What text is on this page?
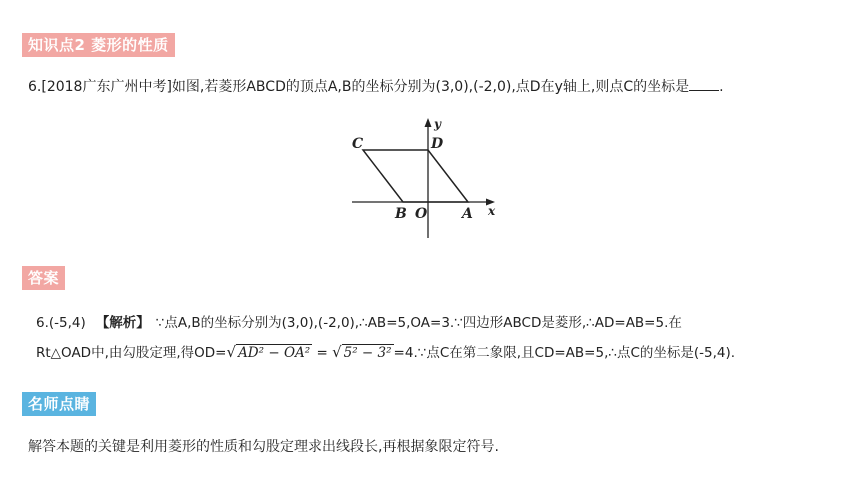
知识点2 菱形的性质
6.[2018广东广州中考]如图,若菱形ABCD的顶点A,B的坐标分别为(3,0),(-2,0),点D在y轴上,则点C的坐标是 .
C	D
y
B O A x
答案
6.(-5,4) 【解析】 ∵点A,B的坐标分别为(3,0),(-2,0),∴AB=5,OA=3.∵四边形ABCD是菱形,∴AD=AB=5.在
Rt△OAD中,由勾股定理,得OD=√ AD² − OA² = √ 5² − 3² =4.∵点C在第二象限,且CD=AB=5,∴点C的坐标是(-5,4).
名师点睛
解答本题的关键是利用菱形的性质和勾股定理求出线段长,再根据象限定符号.
